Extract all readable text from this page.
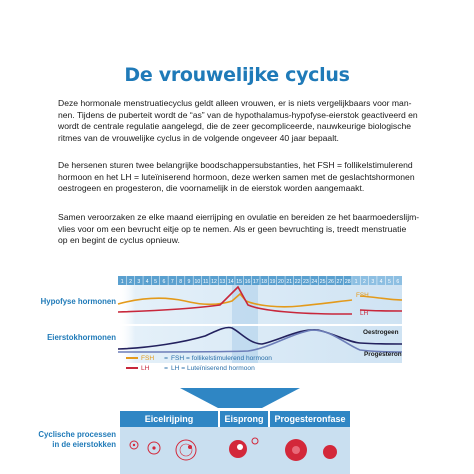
De vrouwelijke cyclus

Deze hormonale menstruatiecyclus geldt alleen vrouwen, er is niets vergelijkbaars voor man-
nen. Tijdens de puberteit wordt de “as” van de hypothalamus-hypofyse-eierstok geactiveerd en
wordt de centrale regulatie aangelegd, die de zeer gecompliceerde, nauwkeurige biologische
ritmes van de vrouwelijke cyclus in de volgende ongeveer 40 jaar bepaalt.

De hersenen sturen twee belangrijke boodschappersubstanties, het FSH = follikelstimulerend
hormoon en het LH = luteïniserend hormoon, deze werken samen met de geslachtshormonen
oestrogeen en progesteron, die voornamelijk in de eierstok worden aangemaakt.

Samen veroorzaken ze elke maand eierrijping en ovulatie en bereiden ze het baarmoederslijm-
vlies voor om een bevrucht eitje op te nemen. Als er geen bevruchting is, treedt menstruatie
op en begint de cyclus opnieuw.

1 2 3 4 5 6 7 8 9 10 11 12 13 14 15 16 17 18 19 20 21 22 23 24 25 26 27 28 1 2 3 4 5 6
Hypofyse hormonen
Eierstokhormonen
Cyclische processen
in de eierstokken
FSH
LH
Oestrogeen
Progesteron
FSH	= FSH = follikelstimulerend hormoon
LH	= LH = Luteïniserend hormoon
Eicelrijping	Eisprong	Progesteronfase
